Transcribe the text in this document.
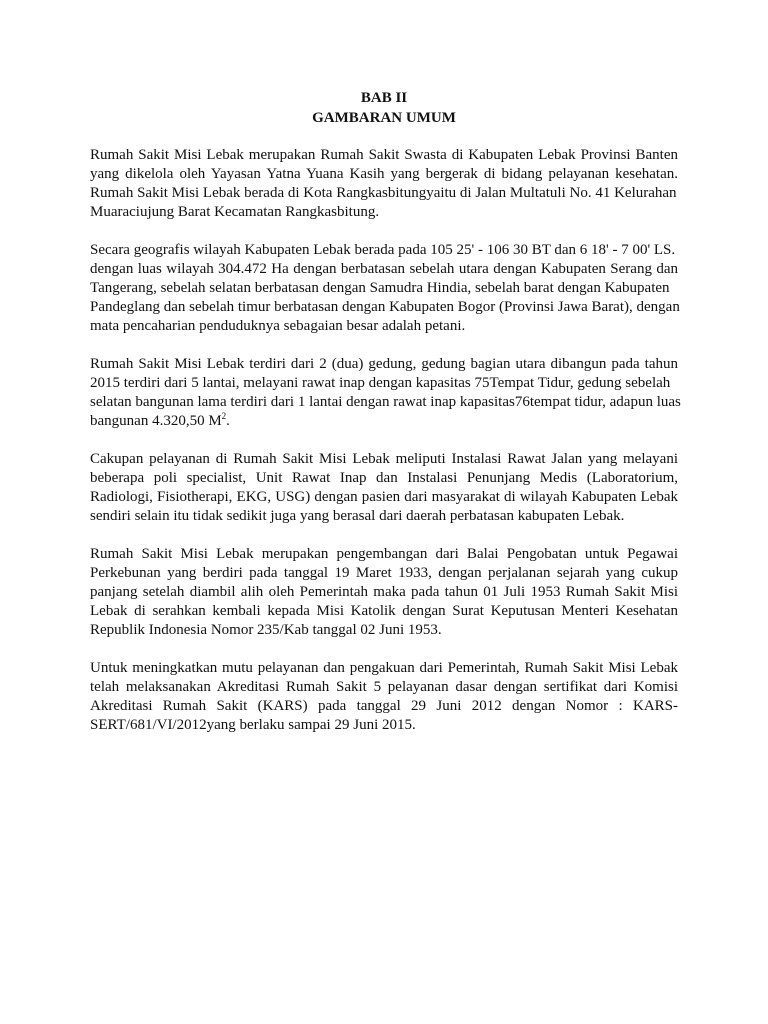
BAB II
GAMBARAN UMUM
Rumah Sakit Misi Lebak merupakan Rumah Sakit Swasta di Kabupaten Lebak Provinsi Banten
yang dikelola oleh Yayasan Yatna Yuana Kasih yang bergerak di bidang pelayanan kesehatan.
Rumah Sakit Misi Lebak berada di Kota Rangkasbitungyaitu di Jalan Multatuli No. 41 Kelurahan
Muaraciujung Barat Kecamatan Rangkasbitung.
Secara geografis wilayah Kabupaten Lebak berada pada 105 25' - 106 30 BT dan 6 18' - 7 00' LS.
dengan luas wilayah 304.472 Ha dengan berbatasan sebelah utara dengan Kabupaten Serang dan
Tangerang, sebelah selatan berbatasan dengan Samudra Hindia, sebelah barat dengan Kabupaten
Pandeglang dan sebelah timur berbatasan dengan Kabupaten Bogor (Provinsi Jawa Barat), dengan
mata pencaharian penduduknya sebagaian besar adalah petani.
Rumah Sakit Misi Lebak terdiri dari 2 (dua) gedung, gedung bagian utara dibangun pada tahun
2015 terdiri dari 5 lantai, melayani rawat inap dengan kapasitas 75Tempat Tidur, gedung sebelah
selatan bangunan lama terdiri dari 1 lantai dengan rawat inap kapasitas76tempat tidur, adapun luas
bangunan 4.320,50 $M^2$.
Cakupan pelayanan di Rumah Sakit Misi Lebak meliputi Instalasi Rawat Jalan yang melayani
beberapa poli specialist, Unit Rawat Inap dan Instalasi Penunjang Medis (Laboratorium,
Radiologi, Fisiotherapi, EKG, USG) dengan pasien dari masyarakat di wilayah Kabupaten Lebak
sendiri selain itu tidak sedikit juga yang berasal dari daerah perbatasan kabupaten Lebak.
Rumah Sakit Misi Lebak merupakan pengembangan dari Balai Pengobatan untuk Pegawai
Perkebunan yang berdiri pada tanggal 19 Maret 1933, dengan perjalanan sejarah yang cukup
panjang setelah diambil alih oleh Pemerintah maka pada tahun 01 Juli 1953 Rumah Sakit Misi
Lebak di serahkan kembali kepada Misi Katolik dengan Surat Keputusan Menteri Kesehatan
Republik Indonesia Nomor 235/Kab tanggal 02 Juni 1953.
Untuk meningkatkan mutu pelayanan dan pengakuan dari Pemerintah, Rumah Sakit Misi Lebak
telah melaksanakan Akreditasi Rumah Sakit 5 pelayanan dasar dengan sertifikat dari Komisi
Akreditasi Rumah Sakit (KARS) pada tanggal 29 Juni 2012 dengan Nomor : KARS-
SERT/681/VI/2012yang berlaku sampai 29 Juni 2015.
